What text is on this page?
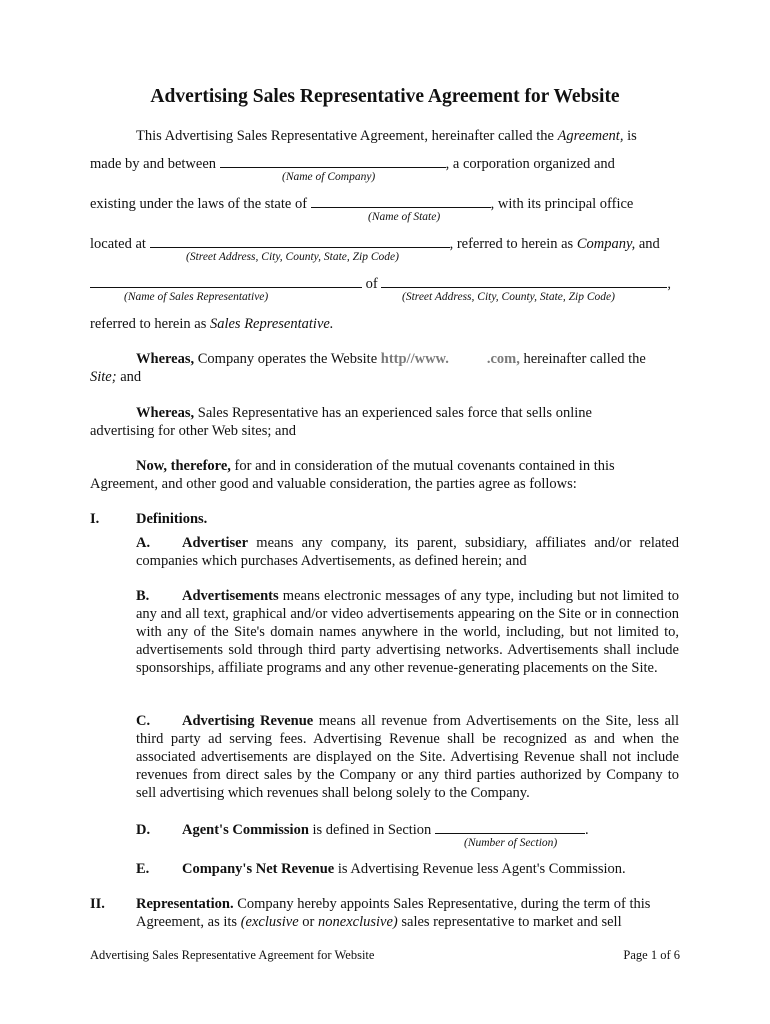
Advertising Sales Representative Agreement for Website
This Advertising Sales Representative Agreement, hereinafter called the Agreement, is
made by and between	, a corporation organized and
(Name of Company)
existing under the laws of the state of	, with its principal office
(Name of State)
located at	, referred to herein as Company, and
(Street Address, City, County, State, Zip Code)
of	,
(Name of Sales Representative)	(Street Address, City, County, State, Zip Code)
referred to herein as Sales Representative.
Whereas, Company operates the Website http//www.	.com, hereinafter called the
Site; and
Whereas, Sales Representative has an experienced sales force that sells online
advertising for other Web sites; and
Now, therefore, for and in consideration of the mutual covenants contained in this
Agreement, and other good and valuable consideration, the parties agree as follows:
I.	Definitions.
A. Advertiser means any company, its parent, subsidiary, affiliates and/or related companies which purchases Advertisements, as defined herein; and
B. Advertisements means electronic messages of any type, including but not limited to any and all text, graphical and/or video advertisements appearing on the Site or in connection with any of the Site's domain names anywhere in the world, including, but not limited to, advertisements sold through third party advertising networks. Advertisements shall include sponsorships, affiliate programs and any other revenue-generating placements on the Site.
C. Advertising Revenue means all revenue from Advertisements on the Site, less all third party ad serving fees. Advertising Revenue shall be recognized as and when the associated advertisements are displayed on the Site. Advertising Revenue shall not include revenues from direct sales by the Company or any third parties authorized by Company to sell advertising which revenues shall belong solely to the Company.
D. Agent's Commission is defined in Section	.
(Number of Section)
E. Company's Net Revenue is Advertising Revenue less Agent's Commission.
II. Representation. Company hereby appoints Sales Representative, during the term of this
Agreement, as its (exclusive or nonexclusive) sales representative to market and sell
Advertising Sales Representative Agreement for Website	Page 1 of 6
